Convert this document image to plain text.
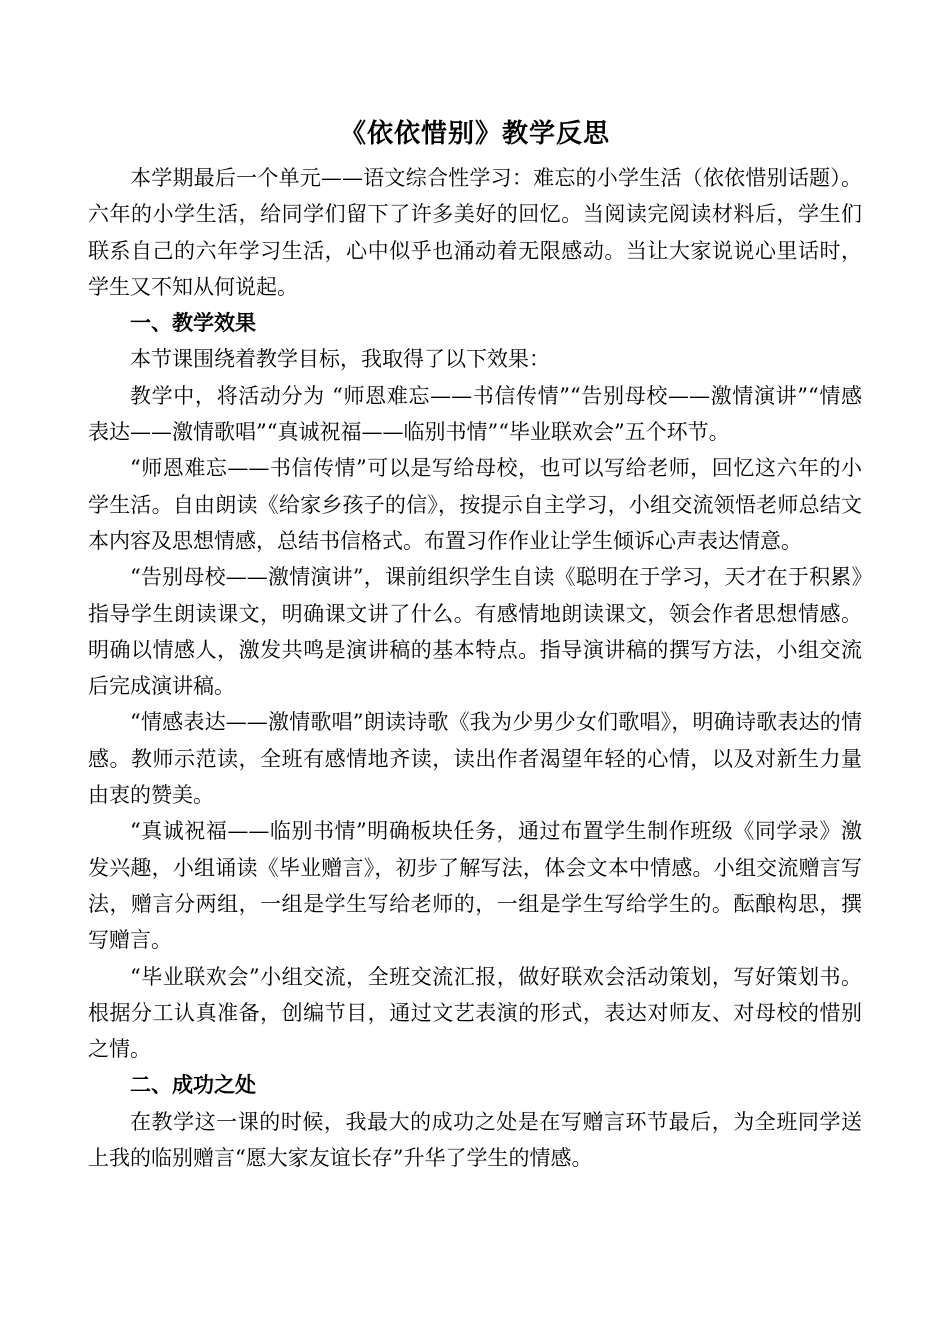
《依依惜别》教学反思

本学期最后一个单元——语文综合性学习：难忘的小学生活（依依惜别话题）。六年的小学生活，给同学们留下了许多美好的回忆。当阅读完阅读材料后，学生们联系自己的六年学习生活，心中似乎也涌动着无限感动。当让大家说说心里话时，学生又不知从何说起。

一、教学效果

本节课围绕着教学目标，我取得了以下效果：

教学中，将活动分为 “师恩难忘——书信传情”“告别母校——激情演讲”“情感表达——激情歌唱”“真诚祝福——临别书情”“毕业联欢会”五个环节。

“师恩难忘——书信传情”可以是写给母校，也可以写给老师，回忆这六年的小学生活。自由朗读《给家乡孩子的信》，按提示自主学习，小组交流领悟老师总结文本内容及思想情感，总结书信格式。布置习作作业让学生倾诉心声表达情意。

“告别母校——激情演讲”，课前组织学生自读《聪明在于学习，天才在于积累》指导学生朗读课文，明确课文讲了什么。有感情地朗读课文，领会作者思想情感。明确以情感人，激发共鸣是演讲稿的基本特点。指导演讲稿的撰写方法，小组交流后完成演讲稿。

“情感表达——激情歌唱”朗读诗歌《我为少男少女们歌唱》，明确诗歌表达的情感。教师示范读，全班有感情地齐读，读出作者渴望年轻的心情，以及对新生力量由衷的赞美。

“真诚祝福——临别书情”明确板块任务，通过布置学生制作班级《同学录》激发兴趣，小组诵读《毕业赠言》，初步了解写法，体会文本中情感。小组交流赠言写法，赠言分两组，一组是学生写给老师的，一组是学生写给学生的。酝酿构思，撰写赠言。

“毕业联欢会”小组交流，全班交流汇报，做好联欢会活动策划，写好策划书。根据分工认真准备，创编节目，通过文艺表演的形式，表达对师友、对母校的惜别之情。

二、成功之处

在教学这一课的时候，我最大的成功之处是在写赠言环节最后，为全班同学送上我的临别赠言“愿大家友谊长存”升华了学生的情感。
